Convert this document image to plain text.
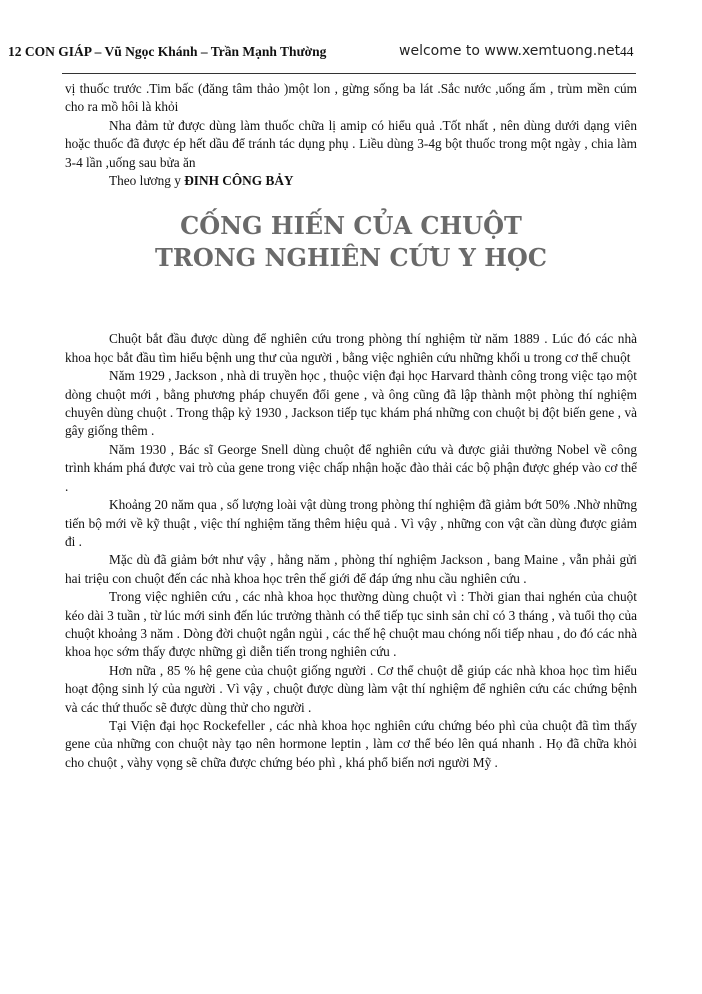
12 CON GIÁP – Vũ Ngọc Khánh – Trần Mạnh Thường	welcome to www.xemtuong.net 44

vị thuốc trước .Tim bấc (đăng tâm thảo )một lon , gừng sống ba lát .Sắc nước ,uống ấm , trùm mền cúm cho ra mồ hôi là khỏi

Nha đảm tử được dùng làm thuốc chữa lị amip có hiểu quả .Tốt nhất , nên dùng dưới dạng viên hoặc thuốc đã được ép hết dầu để tránh tác dụng phụ . Liều dùng 3-4g bột thuốc trong một ngày , chia làm 3-4 lần ,uống sau bửa ăn

Theo lương y ĐINH CÔNG BẢY

CỐNG HIẾN CỦA CHUỘT
TRONG NGHIÊN CỨU Y HỌC

Chuột bắt đầu được dùng để nghiên cứu trong phòng thí nghiệm từ năm 1889 . Lúc đó các nhà khoa học bắt đầu tìm hiểu bệnh ung thư của người , bằng việc nghiên cứu những khối u trong cơ thể chuột

Năm 1929 , Jackson , nhà di truyền học , thuộc viện đại học Harvard thành công trong việc tạo một dòng chuột mới , bằng phương pháp chuyển đổi gene , và ông cũng đã lập thành một phòng thí nghiệm chuyên dùng chuột . Trong thập kỷ 1930 , Jackson tiếp tục khám phá những con chuột bị đột biến gene , và gây giống thêm .

Năm 1930 , Bác sĩ George Snell dùng chuột để nghiên cứu và được giải thưởng Nobel về công trình khám phá được vai trò của gene trong việc chấp nhận hoặc đào thải các bộ phận được ghép vào cơ thể .

Khoảng 20 năm qua , số lượng loài vật dùng trong phòng thí nghiệm đã giảm bớt 50% .Nhờ những tiến bộ mới về kỹ thuật , việc thí nghiệm tăng thêm hiệu quả . Vì vậy , những con vật cần dùng được giảm đi .

Mặc dù đã giảm bớt như vậy , hằng năm , phòng thí nghiệm Jackson , bang Maine , vẫn phải gửi hai triệu con chuột đến các nhà khoa học trên thế giới để đáp ứng nhu cầu nghiên cứu .

Trong việc nghiên cứu , các nhà khoa học thường dùng chuột vì : Thời gian thai nghén của chuột kéo dài 3 tuần , từ lúc mới sinh đến lúc trưởng thành có thể tiếp tục sinh sản chỉ có 3 tháng , và tuổi thọ của chuột khoảng 3 năm . Dòng đời chuột ngắn ngủi , các thế hệ chuột mau chóng nối tiếp nhau , do đó các nhà khoa học sớm thấy được những gì diễn tiến trong nghiên cứu .

Hơn nữa , 85 % hệ gene của chuột giống người . Cơ thể chuột dễ giúp các nhà khoa học tìm hiểu hoạt động sinh lý của người . Vì vậy , chuột được dùng làm vật thí nghiệm để nghiên cứu các chứng bệnh và các thứ thuốc sẽ được dùng thử cho người .

Tại Viện đại học Rockefeller , các nhà khoa học nghiên cứu chứng béo phì của chuột đã tìm thấy gene của những con chuột này tạo nên hormone leptin , làm cơ thể béo lên quá nhanh . Họ đã chữa khỏi cho chuột , vàhy vọng sẽ chữa được chứng béo phì , khá phổ biến nơi người Mỹ .
